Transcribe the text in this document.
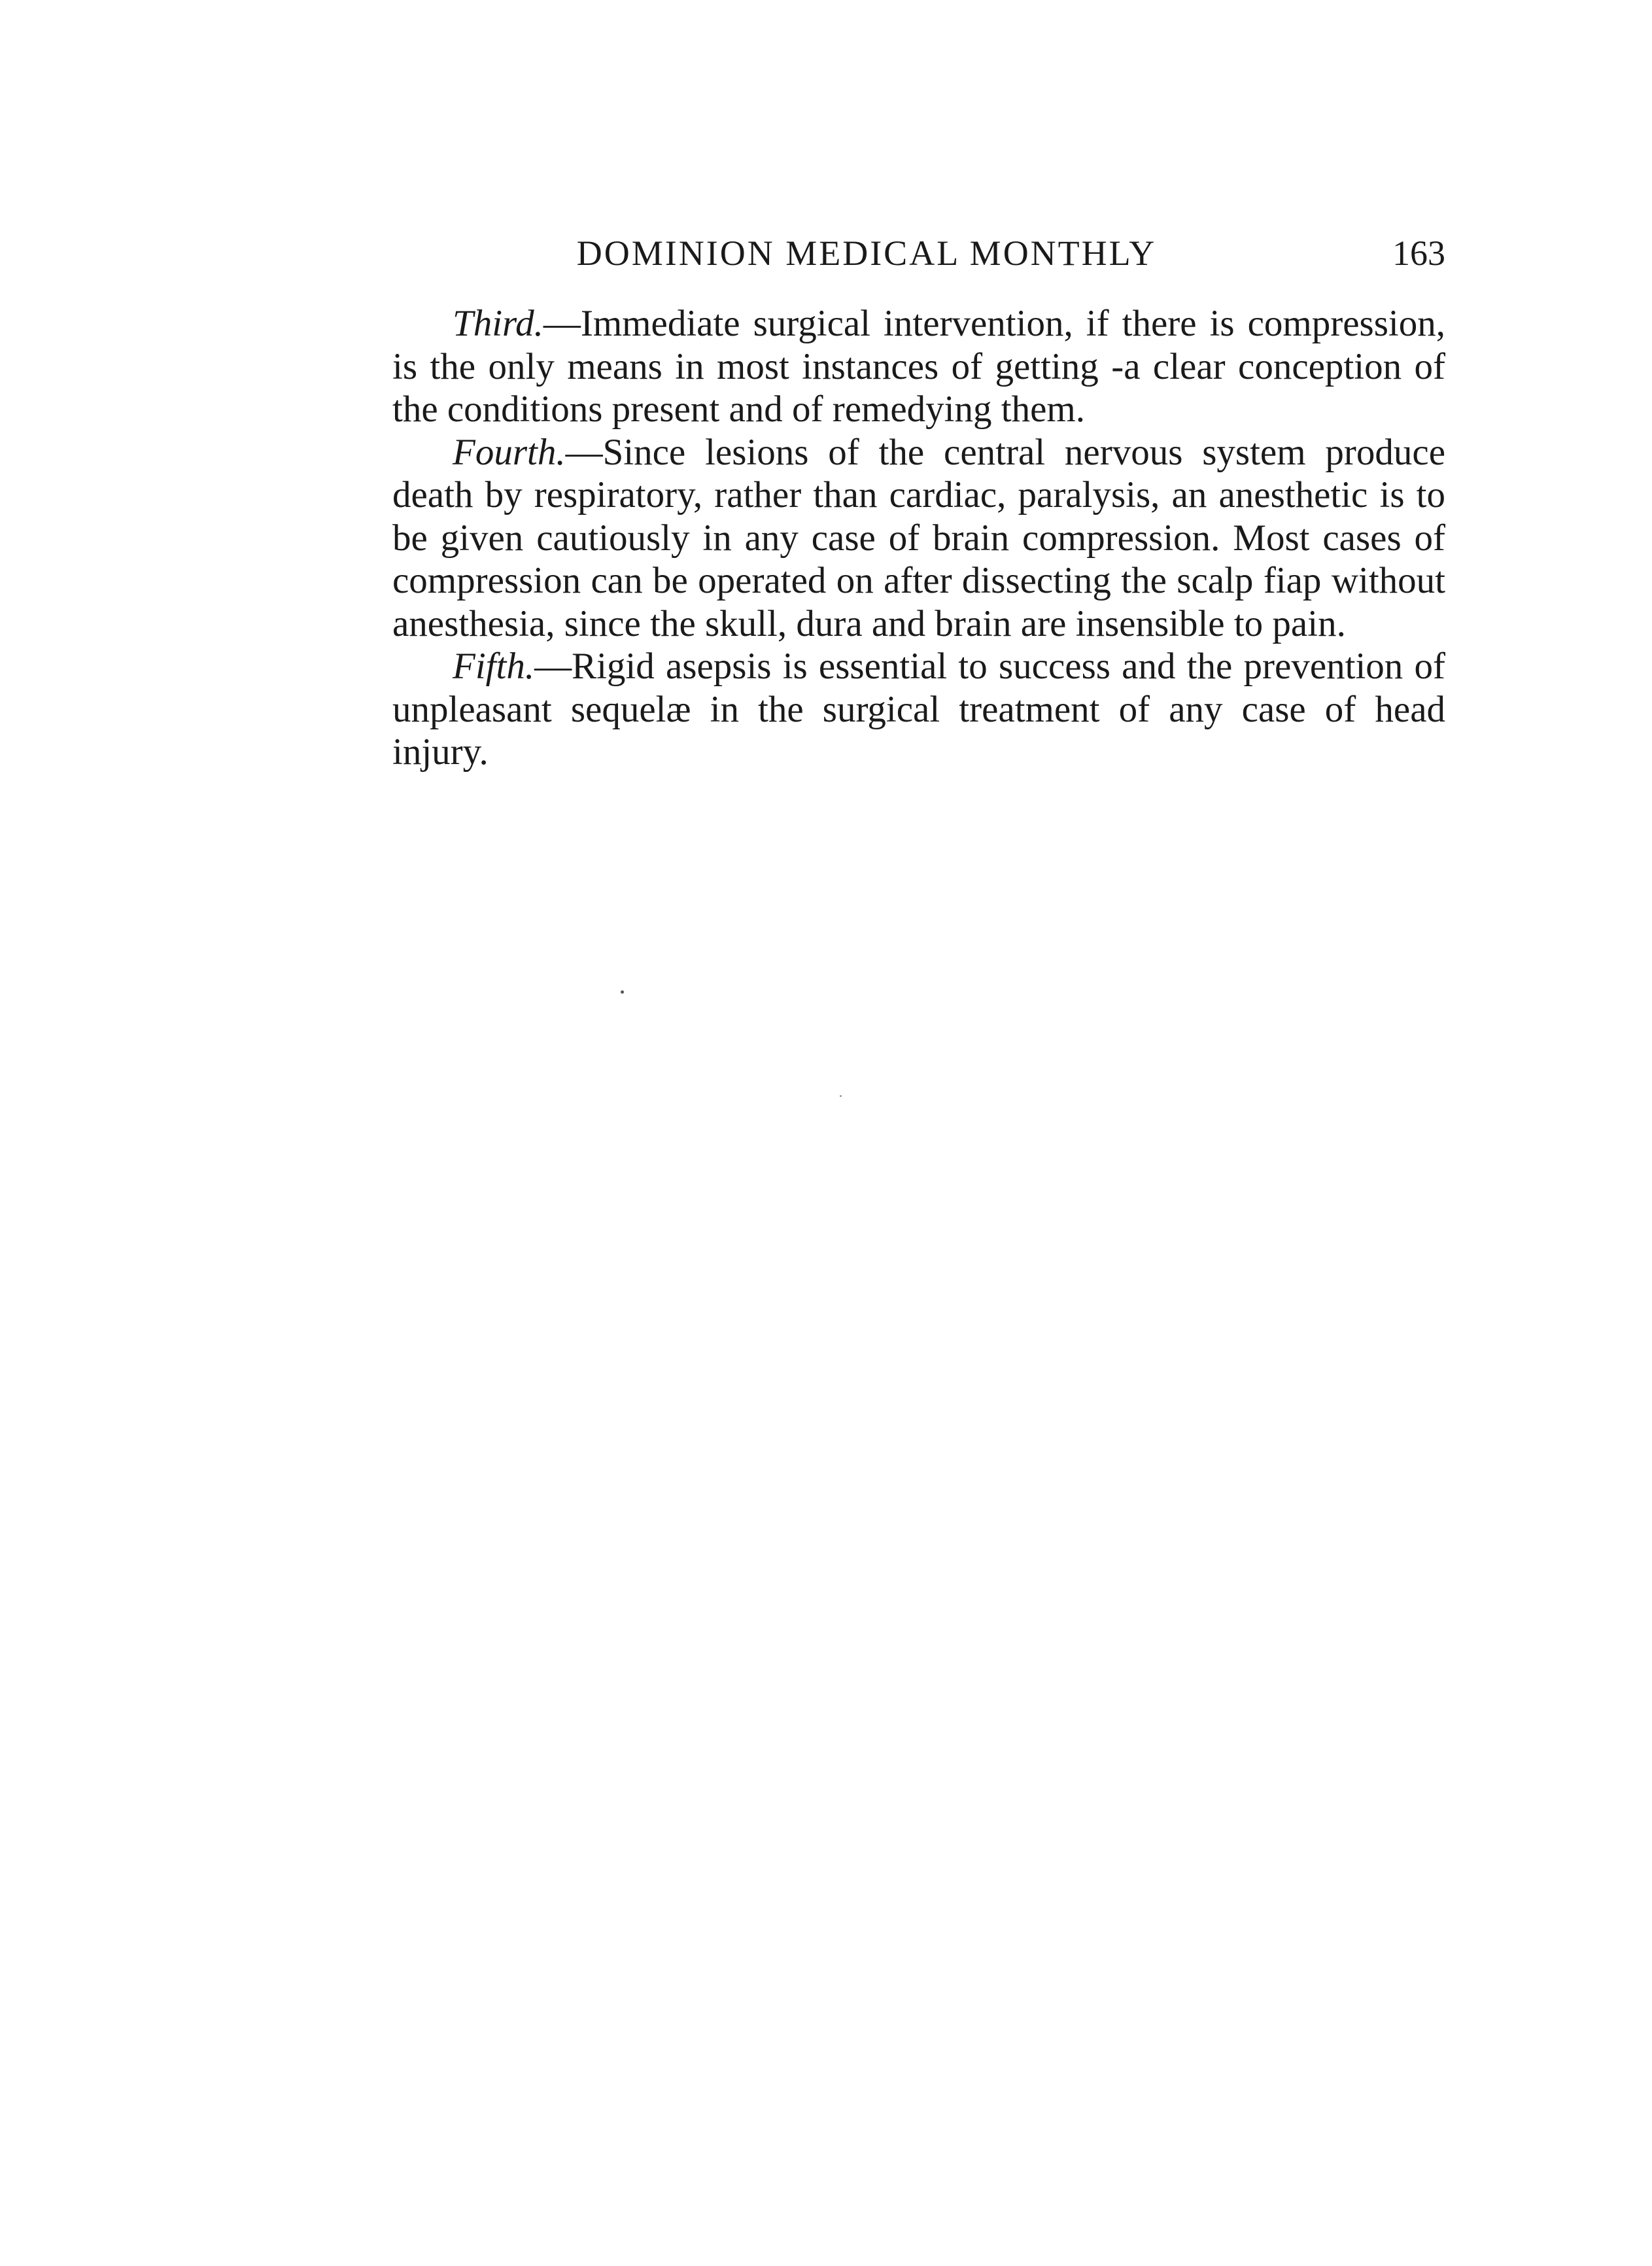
DOMINION MEDICAL MONTHLY	163

Third.—Immediate surgical intervention, if there is compression, is the only means in most instances of getting -a clear conception of the conditions present and of remedying them.

Fourth.—Since lesions of the central nervous system produce death by respiratory, rather than cardiac, paralysis, an anesthetic is to be given cautiously in any case of brain compression. Most cases of compression can be operated on after dissecting the scalp fiap without anesthesia, since the skull, dura and brain are insensible to pain.

Fifth.—Rigid asepsis is essential to success and the prevention of unpleasant sequelæ in the surgical treatment of any case of head injury.
